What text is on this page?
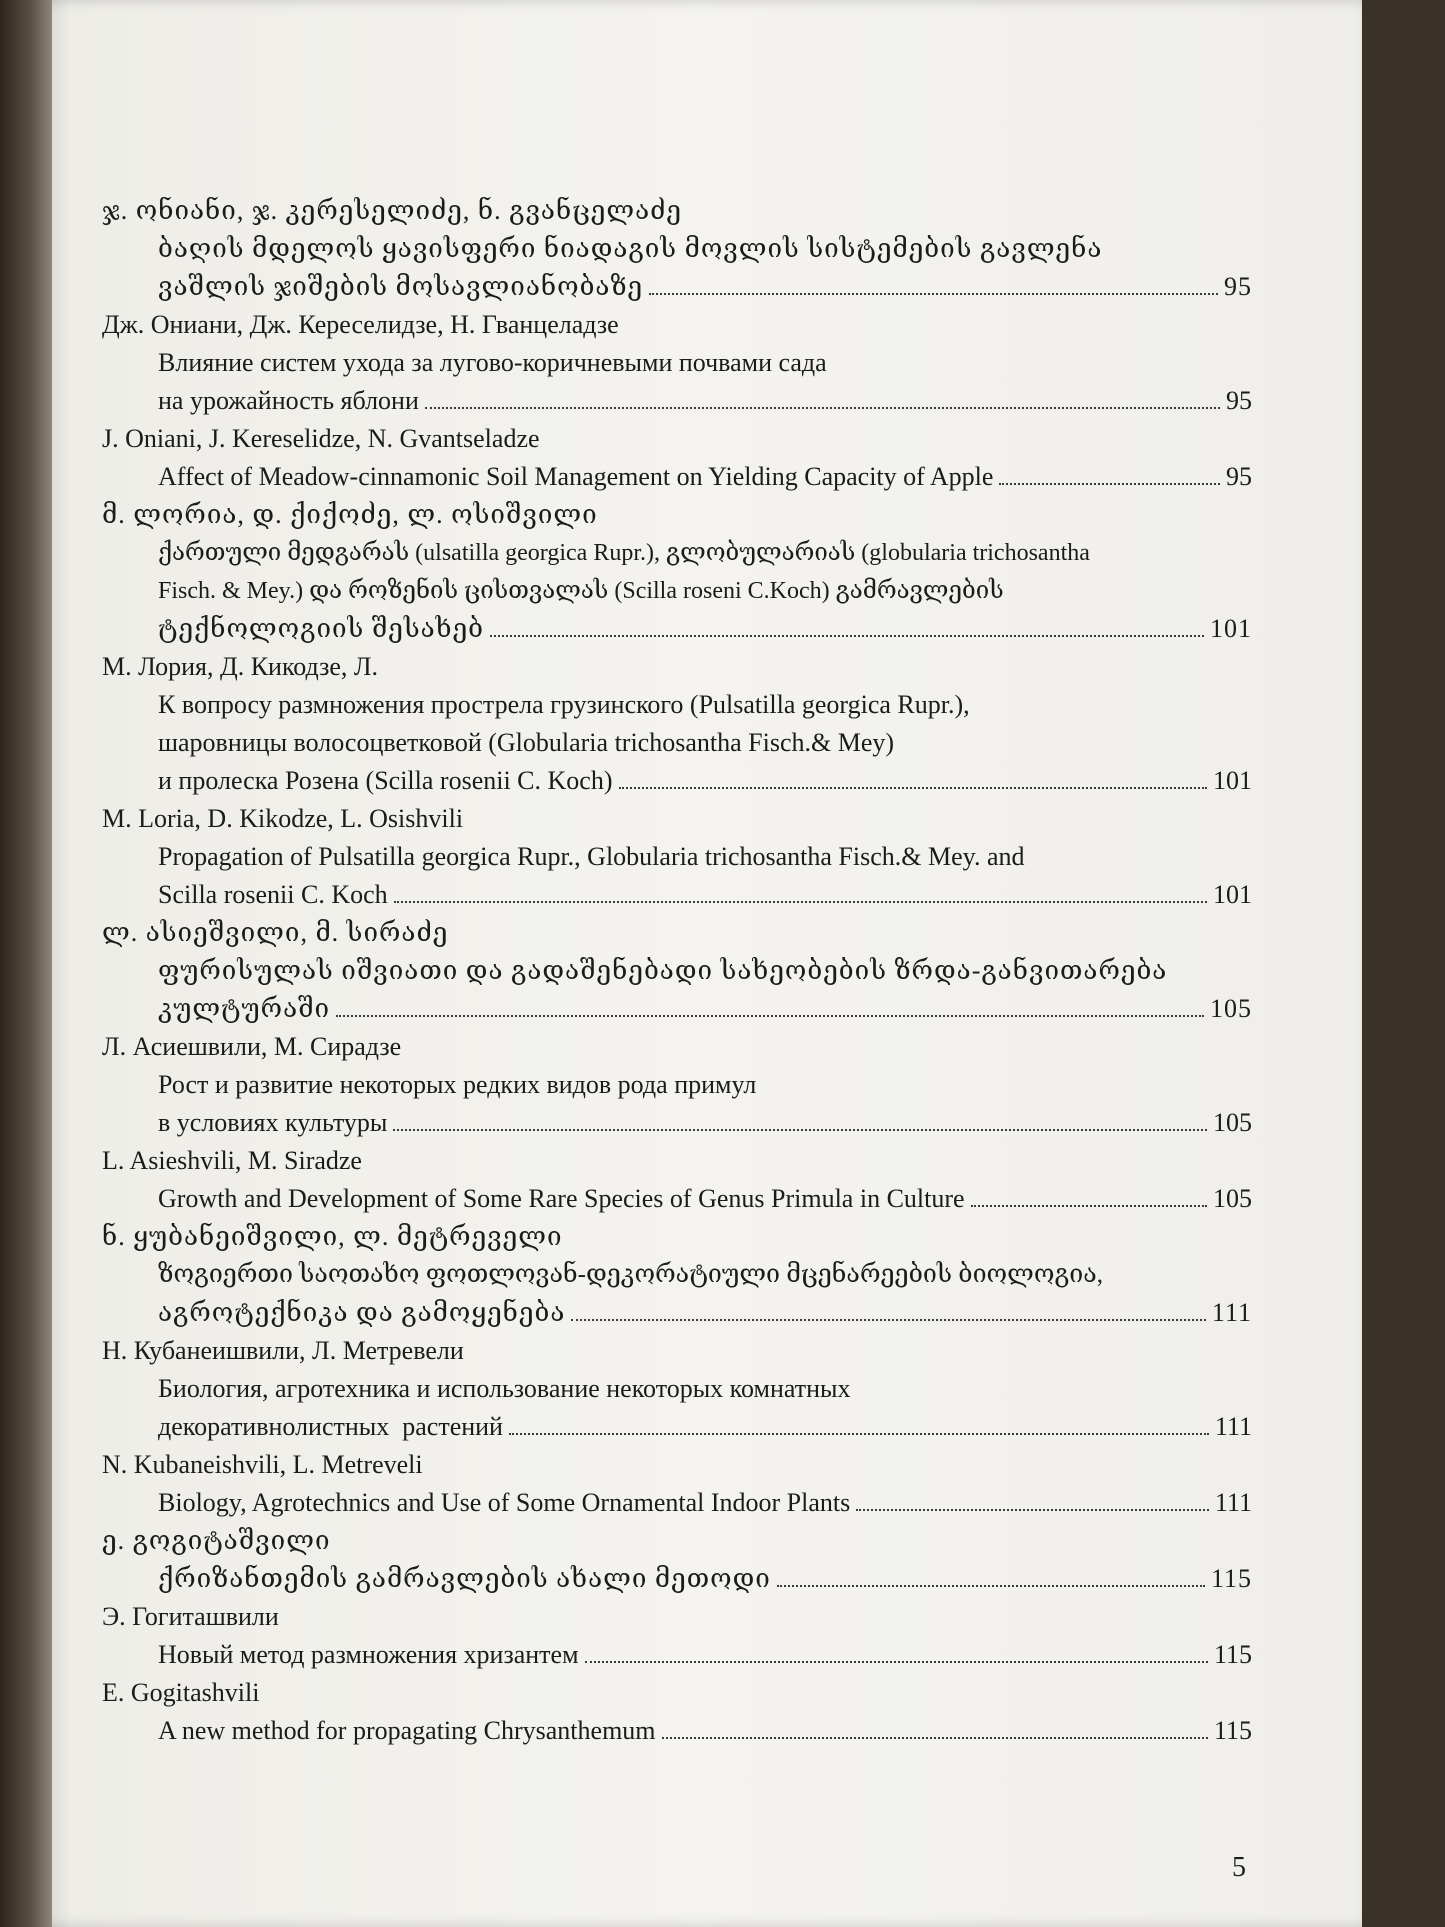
ჯ. ონიანი, ჯ. კერესელიძე, ნ. გვანცელაძე
ბაღის მდელოს ყავისფერი ნიადაგის მოვლის სისტემების გავლენა
ვაშლის ჯიშების მოსავლიანობაზე	95
Дж. Ониани, Дж. Кереселидзе, Н. Гванцеладзе
Влияние систем ухода за лугово-коричневыми почвами сада
на урожайность яблони	95
J. Oniani, J. Kereselidze, N. Gvantseladze
Affect of Meadow-cinnamonic Soil Management on Yielding Capacity of Apple	95
მ. ლორია, დ. ქიქოძე, ლ. ოსიშვილი
ქართული მედგარას (ulsatilla georgica Rupr.), გლობულარიას (globularia trichosantha
Fisch. & Mey.) და როზენის ცისთვალას (Scilla roseni C.Koch) გამრავლების
ტექნოლოგიის შესახებ	101
М. Лория, Д. Кикодзе, Л.
К вопросу размножения прострела грузинского (Pulsatilla georgica Rupr.),
шаровницы волосоцветковой (Globularia trichosantha Fisch.& Mey)
и пролеска Розена (Scilla rosenii C. Koch)	101
M. Loria, D. Kikodze, L. Osishvili
Propagation of Pulsatilla georgica Rupr., Globularia trichosantha Fisch.& Mey. and
Scilla rosenii C. Koch	101
ლ. ასიეშვილი, მ. სირაძე
ფურისულას იშვიათი და გადაშენებადი სახეობების ზრდა-განვითარება
კულტურაში	105
Л. Асиешвили, М. Сирадзе
Рост и развитие некоторых редких видов рода примул
в условиях культуры	105
L. Asieshvili, M. Siradze
Growth and Development of Some Rare Species of Genus Primula in Culture	105
ნ. ყუბანეიშვილი, ლ. მეტრეველი
ზოგიერთი საოთახო ფოთლოვან-დეკორატიული მცენარეების ბიოლოგია,
აგროტექნიკა და გამოყენება	111
Н. Кубанеишвили, Л. Метревели
Биология, агротехника и использование некоторых комнатных
декоративнолистных  растений	111
N. Kubaneishvili, L. Metreveli
Biology, Agrotechnics and Use of Some Ornamental Indoor Plants	111
ე. გოგიტაშვილი
ქრიზანთემის გამრავლების ახალი მეთოდი	115
Э. Гогиташвили
Новый метод размножения хризантем	115
E. Gogitashvili
A new method for propagating Chrysanthemum	115
5
